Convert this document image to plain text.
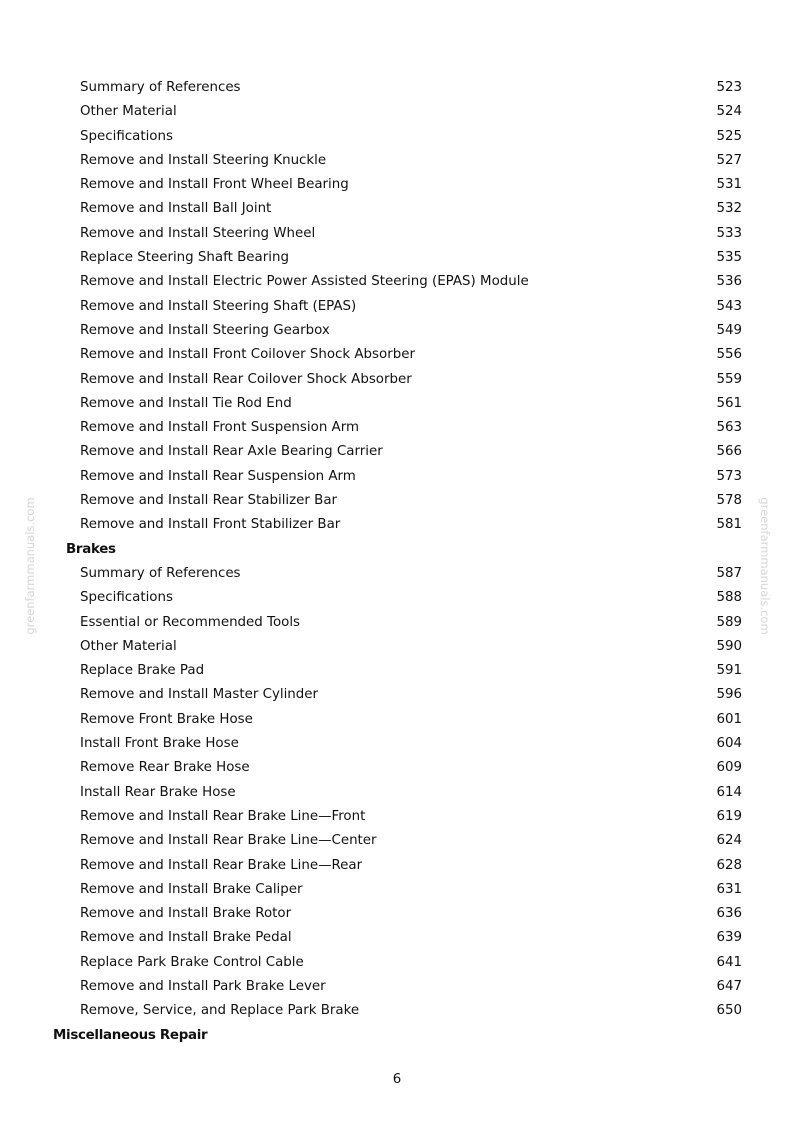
greenfarmmanuals.com	greenfarmmanuals.com
Summary of References	523
Other Material	524
Specifications	525
Remove and Install Steering Knuckle	527
Remove and Install Front Wheel Bearing	531
Remove and Install Ball Joint	532
Remove and Install Steering Wheel	533
Replace Steering Shaft Bearing	535
Remove and Install Electric Power Assisted Steering (EPAS) Module	536
Remove and Install Steering Shaft (EPAS)	543
Remove and Install Steering Gearbox	549
Remove and Install Front Coilover Shock Absorber	556
Remove and Install Rear Coilover Shock Absorber	559
Remove and Install Tie Rod End	561
Remove and Install Front Suspension Arm	563
Remove and Install Rear Axle Bearing Carrier	566
Remove and Install Rear Suspension Arm	573
Remove and Install Rear Stabilizer Bar	578
Remove and Install Front Stabilizer Bar	581
Brakes
Summary of References	587
Specifications	588
Essential or Recommended Tools	589
Other Material	590
Replace Brake Pad	591
Remove and Install Master Cylinder	596
Remove Front Brake Hose	601
Install Front Brake Hose	604
Remove Rear Brake Hose	609
Install Rear Brake Hose	614
Remove and Install Rear Brake Line—Front	619
Remove and Install Rear Brake Line—Center	624
Remove and Install Rear Brake Line—Rear	628
Remove and Install Brake Caliper	631
Remove and Install Brake Rotor	636
Remove and Install Brake Pedal	639
Replace Park Brake Control Cable	641
Remove and Install Park Brake Lever	647
Remove, Service, and Replace Park Brake	650
Miscellaneous Repair
6
